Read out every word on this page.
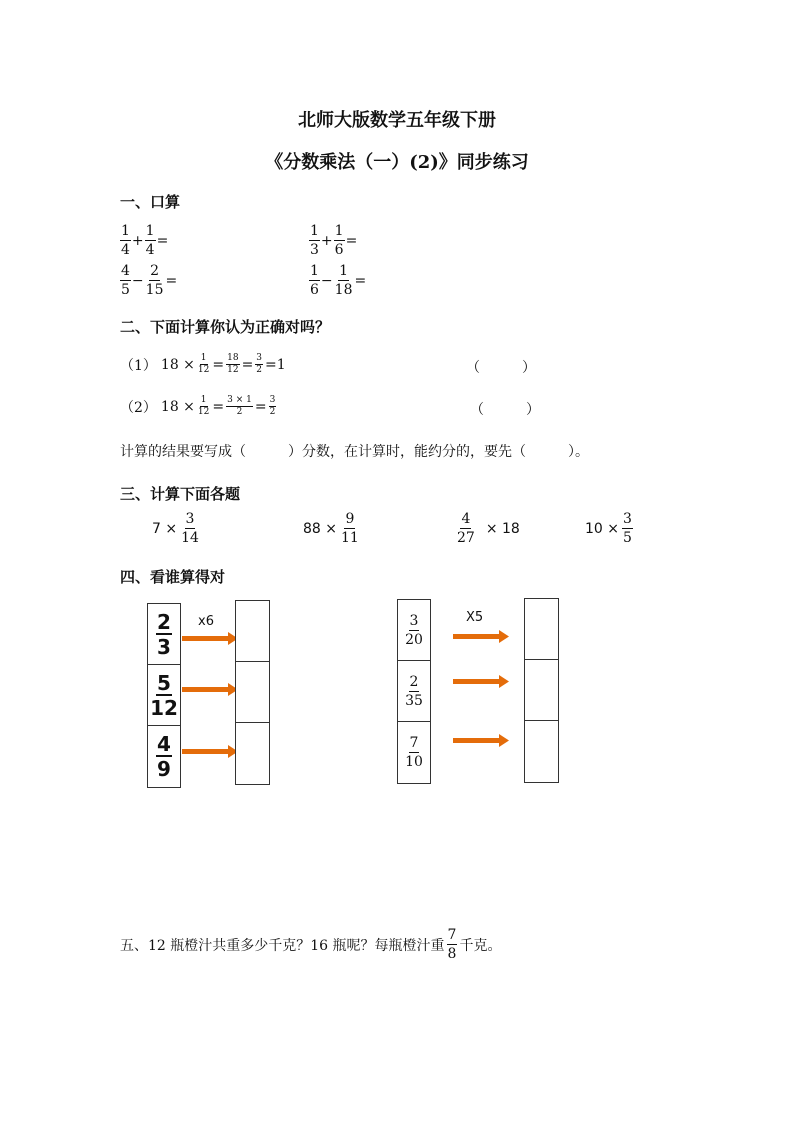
北师大版数学五年级下册
《分数乘法（一）(2)》同步练习
一、口算
$\frac{1}{4} + \frac{1}{4}$ =	$\frac{1}{3} + \frac{1}{6}$ =
$\frac{4}{5} - \frac{2}{15}$ =	$\frac{1}{6} - \frac{1}{18}$ =
二、下面计算你认为正确对吗？
（1） $18 \times \frac{1}{12} = \frac{18}{12} = \frac{3}{2} =1$	（　　　）
（2） $18 \times \frac{1}{12} = \frac{3 \times 1}{2} = \frac{3}{2}$	（　　　）
计算的结果要写成（　　　）分数，在计算时，能约分的，要先（　　　）。
三、计算下面各题
$7 \times \frac{3}{14}$	$88 \times \frac{9}{11}$	$\frac{4}{27} \times 18$	$10 \times \frac{3}{5}$
四、看谁算得对
$\frac{2}{3}$
$\frac{5}{12}$
$\frac{4}{9}$
x6	$\frac{3}{20}$
$\frac{2}{35}$
$\frac{7}{10}$
X5
五、12 瓶橙汁共重多少千克？16 瓶呢？每瓶橙汁重 $\frac{7}{8}$ 千克。
